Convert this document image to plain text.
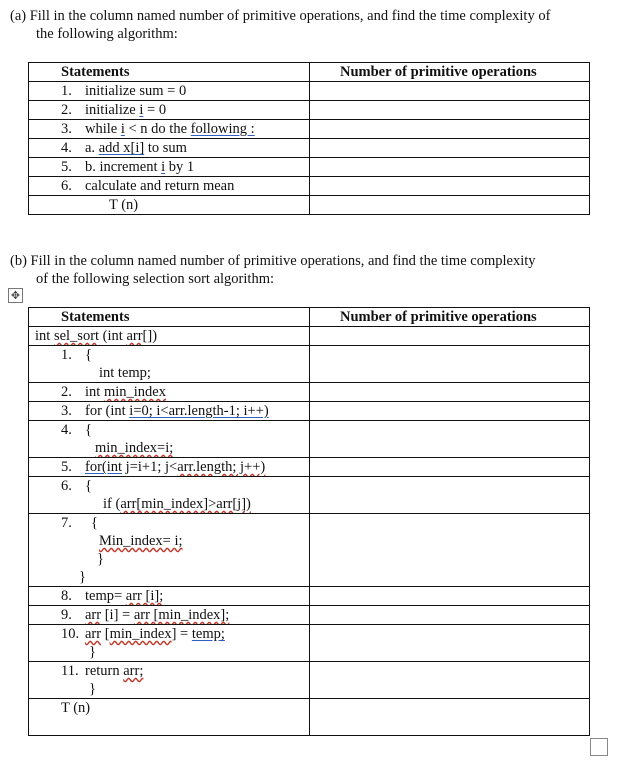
(a) Fill in the column named number of primitive operations, and find the time complexity of

the following algorithm:

Statements	Number of primitive operations
1. initialize sum = 0	
2. initialize i = 0	
3. while i < n do the following :	
4. a. add x[i] to sum	
5. b. increment i by 1	
6. calculate and return mean	
T (n)	

(b) Fill in the column named number of primitive operations, and find the time complexity

of the following selection sort algorithm:

✥
Statements	Number of primitive operations
int sel_sort (int arr[])	
1. {
int temp;	
2. int min_index	
3. for (int i=0; i<arr.length-1; i++)	
4. {
min_index=i;	
5. for(int j=i+1; j<arr.length; j++)	
6. {
if (arr[min_index]>arr[j])	
7. {
Min_index= i;
}
}	
8. temp= arr [i];	
9. arr [i] = arr [min_index];	
10. arr [min_index] = temp;
}	
11. return arr;
}	
T (n)	
